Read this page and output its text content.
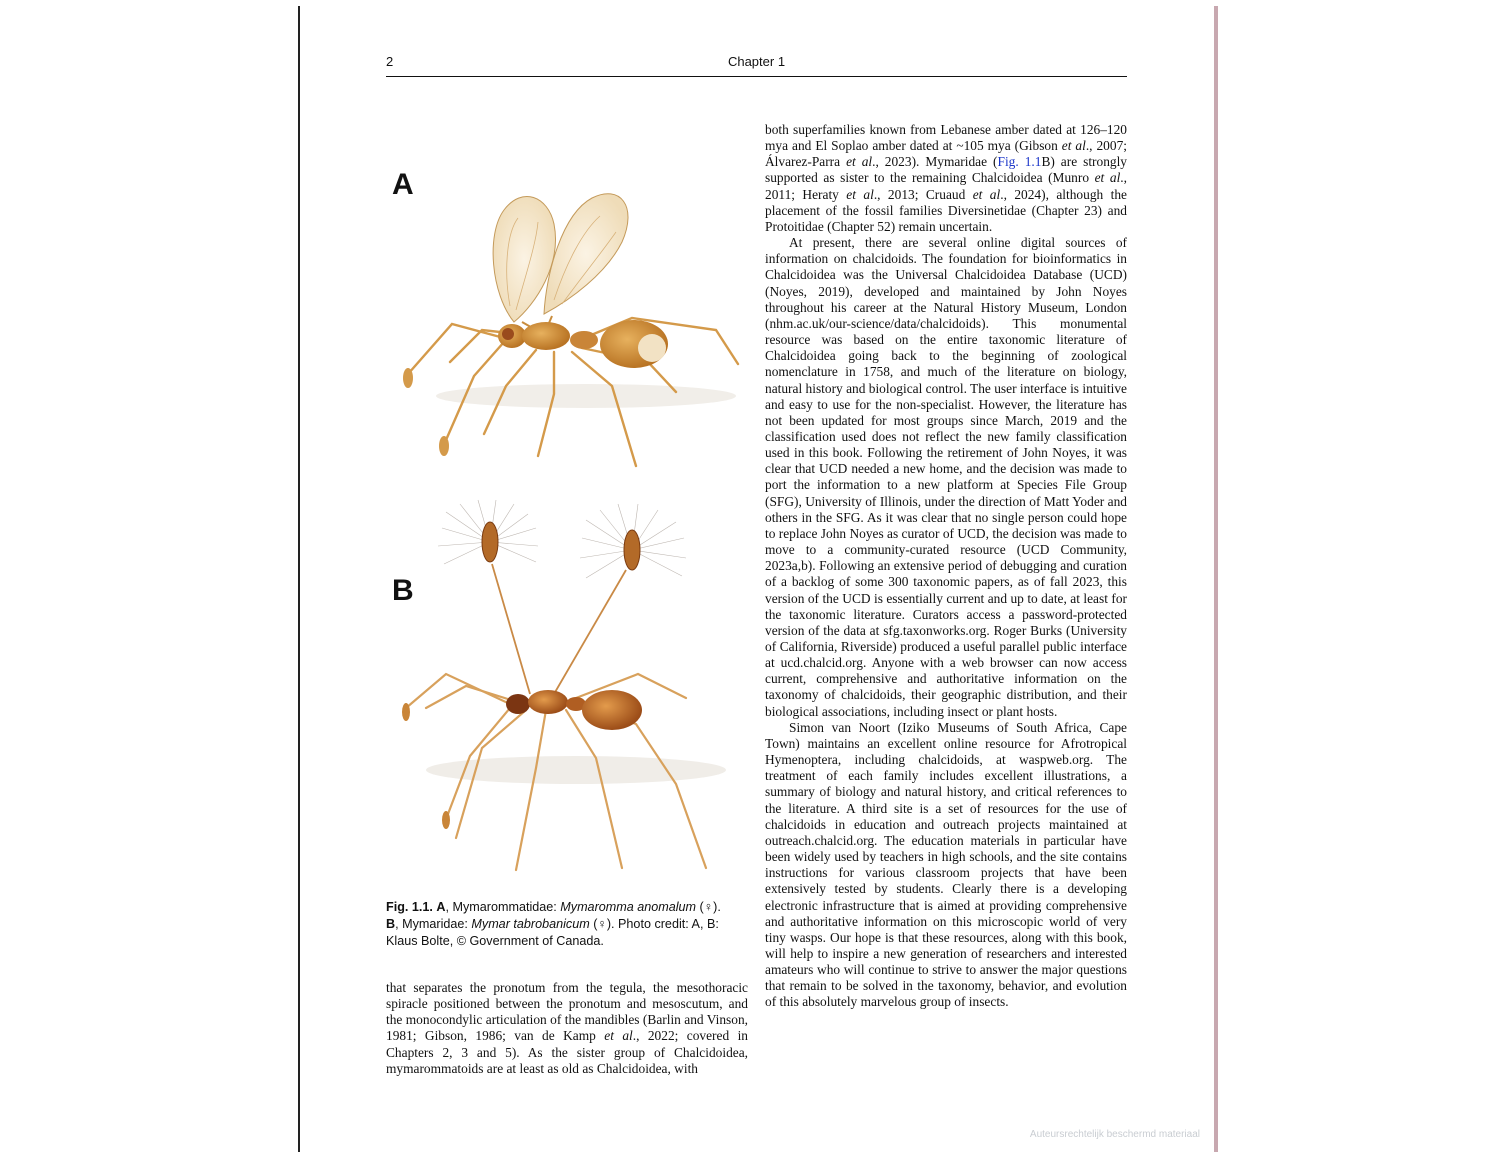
2	Chapter 1
A
B
Fig. 1.1. A, Mymarommatidae: Mymaromma anomalum (♀). B, Mymaridae: Mymar tabrobanicum (♀). Photo credit: A, B: Klaus Bolte, © Government of Canada.

that separates the pronotum from the tegula, the mesothoracic spiracle positioned between the pronotum and mesoscutum, and the monocondylic articulation of the mandibles (Barlin and Vinson, 1981; Gibson, 1986; van de Kamp et al., 2022; covered in Chapters 2, 3 and 5). As the sister group of Chalcidoidea, mymarommatoids are at least as old as Chalcidoidea, with

both superfamilies known from Lebanese amber dated at 126–120 mya and El Soplao amber dated at ~105 mya (Gibson et al., 2007; Álvarez-Parra et al., 2023). Mymaridae (Fig. 1.1B) are strongly supported as sister to the remaining Chalcidoidea (Munro et al., 2011; Heraty et al., 2013; Cruaud et al., 2024), although the placement of the fossil families Diversinetidae (Chapter 23) and Protoitidae (Chapter 52) remain uncertain.

At present, there are several online digital sources of information on chalcidoids. The foundation for bioinformatics in Chalcidoidea was the Universal Chalcidoidea Database (UCD) (Noyes, 2019), developed and maintained by John Noyes throughout his career at the Natural History Museum, London (nhm.ac.uk/our-science/data/chalcidoids). This monumental resource was based on the entire taxonomic literature of Chalcidoidea going back to the beginning of zoological nomenclature in 1758, and much of the literature on biology, natural history and biological control. The user interface is intuitive and easy to use for the non-specialist. However, the literature has not been updated for most groups since March, 2019 and the classification used does not reflect the new family classification used in this book. Following the retirement of John Noyes, it was clear that UCD needed a new home, and the decision was made to port the information to a new platform at Species File Group (SFG), University of Illinois, under the direction of Matt Yoder and others in the SFG. As it was clear that no single person could hope to replace John Noyes as curator of UCD, the decision was made to move to a community-curated resource (UCD Community, 2023a,b). Following an extensive period of debugging and curation of a backlog of some 300 taxonomic papers, as of fall 2023, this version of the UCD is essentially current and up to date, at least for the taxonomic literature. Curators access a password-protected version of the data at sfg.taxonworks.org. Roger Burks (University of California, Riverside) produced a useful parallel public interface at ucd.chalcid.org. Anyone with a web browser can now access current, comprehensive and authoritative information on the taxonomy of chalcidoids, their geographic distribution, and their biological associations, including insect or plant hosts.

Simon van Noort (Iziko Museums of South Africa, Cape Town) maintains an excellent online resource for Afrotropical Hymenoptera, including chalcidoids, at waspweb.org. The treatment of each family includes excellent illustrations, a summary of biology and natural history, and critical references to the literature. A third site is a set of resources for the use of chalcidoids in education and outreach projects maintained at outreach.chalcid.org. The education materials in particular have been widely used by teachers in high schools, and the site contains instructions for various classroom projects that have been extensively tested by students. Clearly there is a developing electronic infrastructure that is aimed at providing comprehensive and authoritative information on this microscopic world of very tiny wasps. Our hope is that these resources, along with this book, will help to inspire a new generation of researchers and interested amateurs who will continue to strive to answer the major questions that remain to be solved in the taxonomy, behavior, and evolution of this absolutely marvelous group of insects.

Auteursrechtelijk beschermd materiaal
